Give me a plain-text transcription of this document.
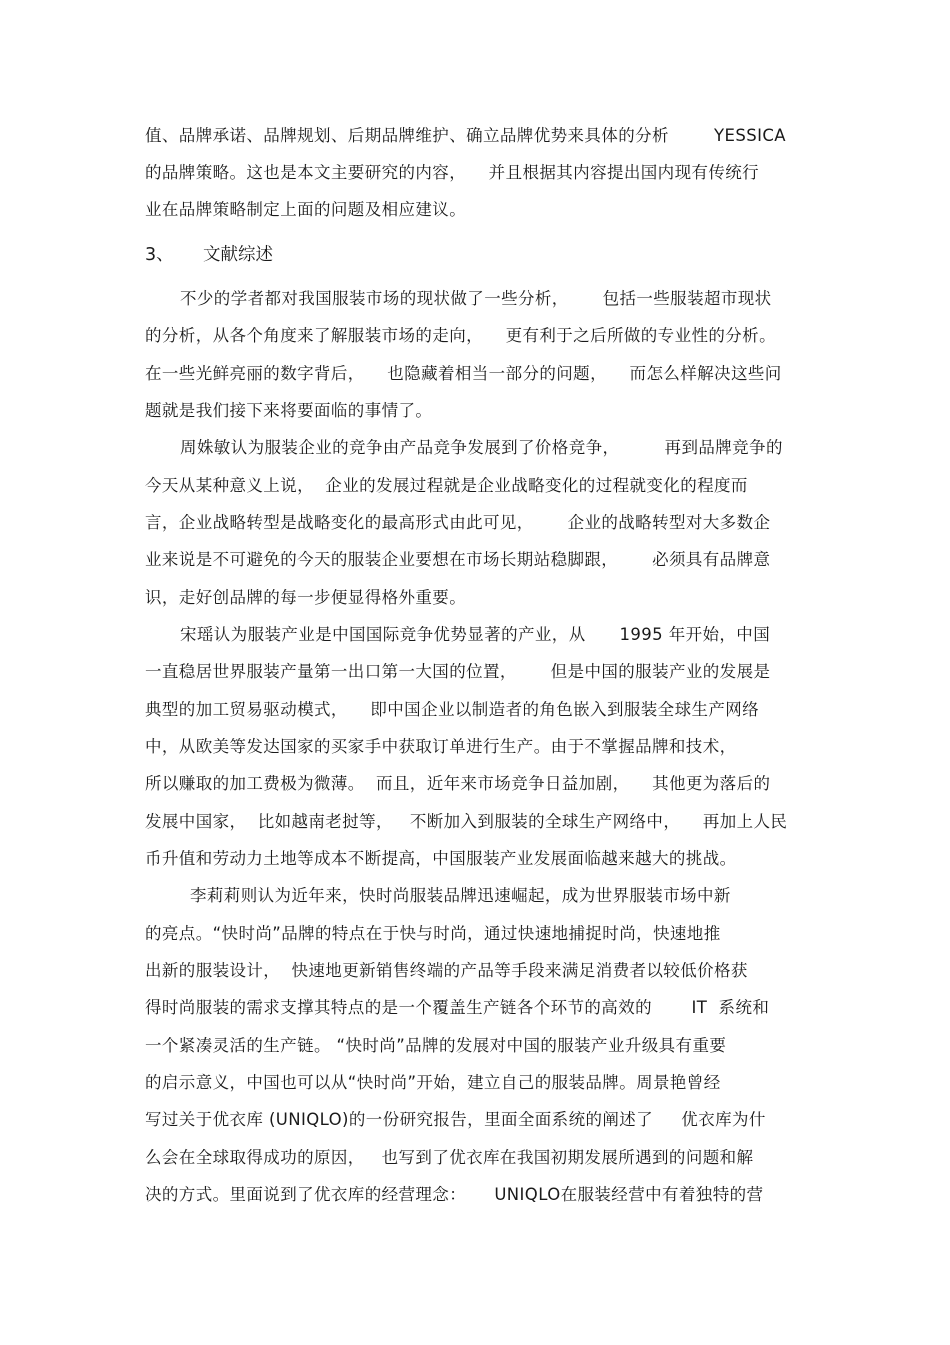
值、品牌承诺、品牌规划、后期品牌维护、确立品牌优势来具体的分析        YESSICA
的品牌策略。这也是本文主要研究的内容，    并且根据其内容提出国内现有传统行
业在品牌策略制定上面的问题及相应建议。
3、 文献综述
不少的学者都对我国服装市场的现状做了一些分析，      包括一些服装超市现状
的分析，从各个角度来了解服装市场的走向，    更有利于之后所做的专业性的分析。
在一些光鲜亮丽的数字背后，    也隐藏着相当一部分的问题，    而怎么样解决这些问
题就是我们接下来将要面临的事情了。
周姝敏认为服装企业的竞争由产品竞争发展到了价格竞争，        再到品牌竞争的
今天从某种意义上说，  企业的发展过程就是企业战略变化的过程就变化的程度而
言，企业战略转型是战略变化的最高形式由此可见，      企业的战略转型对大多数企
业来说是不可避免的今天的服装企业要想在市场长期站稳脚跟，      必须具有品牌意
识，走好创品牌的每一步便显得格外重要。
宋瑶认为服装产业是中国国际竞争优势显著的产业，从      1995 年开始，中国
一直稳居世界服装产量第一出口第一大国的位置，      但是中国的服装产业的发展是
典型的加工贸易驱动模式，    即中国企业以制造者的角色嵌入到服装全球生产网络
中，从欧美等发达国家的买家手中获取订单进行生产。由于不掌握品牌和技术，
所以赚取的加工费极为微薄。  而且，近年来市场竞争日益加剧，    其他更为落后的
发展中国家，  比如越南老挝等，   不断加入到服装的全球生产网络中，    再加上人民
币升值和劳动力土地等成本不断提高，中国服装产业发展面临越来越大的挑战。
李莉莉则认为近年来，快时尚服装品牌迅速崛起，成为世界服装市场中新
的亮点。“快时尚”品牌的特点在于快与时尚，通过快速地捕捉时尚，快速地推
出新的服装设计，  快速地更新销售终端的产品等手段来满足消费者以较低价格获
得时尚服装的需求支撑其特点的是一个覆盖生产链各个环节的高效的       IT  系统和
一个紧凑灵活的生产链。 “快时尚”品牌的发展对中国的服装产业升级具有重要
的启示意义，中国也可以从“快时尚”开始，建立自己的服装品牌。周景艳曾经
写过关于优衣库 (UNIQLO)的一份研究报告，里面全面系统的阐述了     优衣库为什
么会在全球取得成功的原因，   也写到了优衣库在我国初期发展所遇到的问题和解
决的方式。里面说到了优衣库的经营理念：     UNIQLO在服装经营中有着独特的营
